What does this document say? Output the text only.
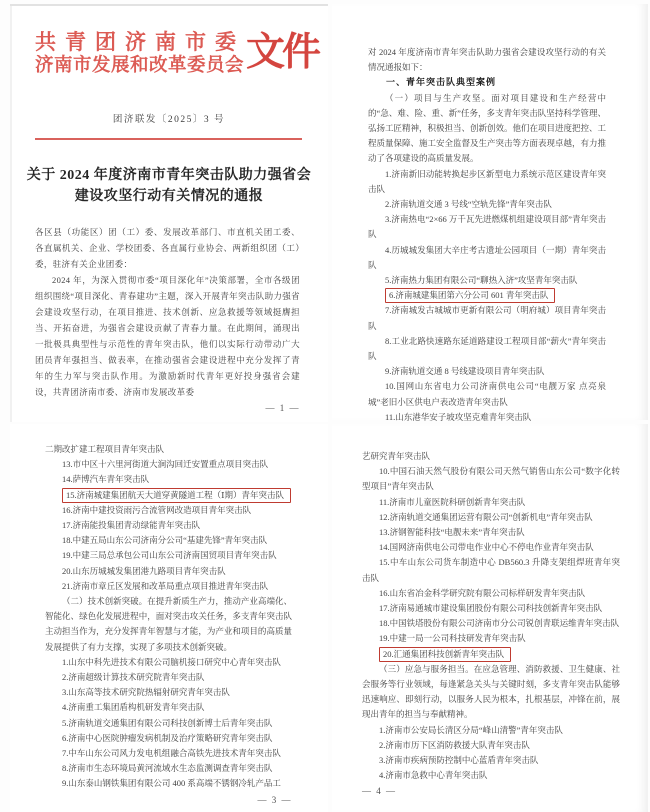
共青团济南市委
济南市发展和改革委员会 文件
团济联发〔2025〕3 号
关于 2024 年度济南市青年突击队助力强省会
建设攻坚行动有关情况的通报

各区县（功能区）团（工）委、发展改革部门、市直机关团工委、各直属机关、企业、学校团委、各直属行业协会、两新组织团（工）委，驻济有关企业团委：

2024 年，为深入贯彻市委“项目深化年”决策部署，全市各级团组织围绕“项目深化、青春建功”主题，深入开展青年突击队助力强省会建设攻坚行动，在项目推进、技术创新、应急救援等领域挺膺担当、开拓奋进，为强省会建设贡献了青春力量。在此期间，涌现出一批极具典型性与示范性的青年突击队，他们以实际行动带动广大团员青年强担当、做表率，在推动强省会建设进程中充分发挥了青年的生力军与突击队作用。为激励新时代青年更好投身强省会建设，共青团济南市委、济南市发展改革委

— 1 —

对 2024 年度济南市青年突击队助力强省会建设攻坚行动的有关情况通报如下：

一、青年突击队典型案例

（一）项目与生产攻坚。面对项目建设和生产经营中的“急、难、险、重、新”任务，多支青年突击队坚持科学管理、弘扬工匠精神，积极担当、创新创效。他们在项目进度把控、工程质量保障、施工安全监督及生产突击等方面表现卓越，有力推动了各项建设的高质量发展。

1.济南新旧动能转换起步区新型电力系统示范区建设青年突击队

2.济南轨道交通 3 号线“空轨先锋”青年突击队

3.济南热电“2×66 万千瓦先进燃煤机组建设项目部”青年突击队

4.历城城发集团大辛庄考古遗址公园项目（一期）青年突击队

5.济南热力集团有限公司“聊热入济”攻坚青年突击队

6.济南城建集团第六分公司 601 青年突击队

7.济南城发古城城市更新有限公司（明府城）项目青年突击队

8.工业北路快速路东延道路建设工程项目部“薪火”青年突击队

9.济南轨道交通 8 号线建设项目青年突击队

10.国网山东省电力公司济南供电公司“电靓万家 点亮泉城”老旧小区供电户表改造青年突击队

11.山东港华安子坡攻坚克难青年突击队

二期改扩建工程项目青年突击队

13.市中区十六里河街道大涧沟回迁安置重点项目突击队

14.萨博汽车青年突击队

15.济南城建集团航天大道穿黄隧道工程（Ⅰ期）青年突击队

16.济南中建投资雨污合流管网改造项目青年突击队

17.济南能投集团青动绿能青年突击队

18.中建五局山东公司济南分公司“基建先锋”青年突击队

19.中建三局总承包公司山东公司济南国贸项目青年突击队

20.山东历城城发集团港九路项目青年突击队

21.济南市章丘区发展和改革局重点项目推进青年突击队

（二）技术创新突破。在提升新质生产力，推动产业高端化、智能化、绿色化发展进程中，面对突击攻关任务，多支青年突击队主动担当作为，充分发挥青年智慧与才能，为产业和项目的高质量发展提供了有力支撑，实现了多项技术创新突破。

1.山东中科先进技术有限公司脑机接口研究中心青年突击队

2.济南超级计算技术研究院青年突击队

3.山东高等技术研究院热辐射研究青年突击队

4.济南重工集团盾构机研发青年突击队

5.济南轨道交通集团有限公司科技创新博士后青年突击队

6.济南中心医院肿瘤发病机制及治疗策略研究青年突击队

7.中车山东公司风力发电机组融合高铁先进技术青年突击队

8.济南市生态环境局黄河流域水生态监测调查青年突击队

9.山东泰山钢铁集团有限公司 400 系高端不锈钢冷轧产品工

— 3 —

艺研究青年突击队

10.中国石油天然气股份有限公司天然气销售山东公司“数字化转型项目”青年突击队

11.济南市儿童医院科研创新青年突击队

12.济南轨道交通集团运营有限公司“创新机电”青年突击队

13.济钢智能科技“电靓未来”青年突击队

14.国网济南供电公司带电作业中心不停电作业青年突击队

15.中车山东公司货车制造中心 DB560.3 升降支架组焊班青年突击队

16.山东省冶金科学研究院有限公司标样研发青年突击队

17.济南易通城市建设集团股份有限公司科技创新青年突击队

18.中国铁塔股份有限公司济南市分公司锐创青联运维青年突击队

19.中建一局一公司科技研发青年突击队

20.汇通集团科技创新青年突击队

（三）应急与服务担当。在应急管理、消防救援、卫生健康、社会服务等行业领域，每逢紧急关头与关键时刻，多支青年突击队能够迅速响应、即刻行动，以服务人民为根本，扎根基层，冲锋在前，展现出青年的担当与奉献精神。

1.济南市公安局长清区分局“峰山清警”青年突击队

2.济南市历下区消防救援大队青年突击队

3.济南市疾病预防控制中心蓝盾青年突击队

4.济南市急救中心青年突击队

— 4 —
